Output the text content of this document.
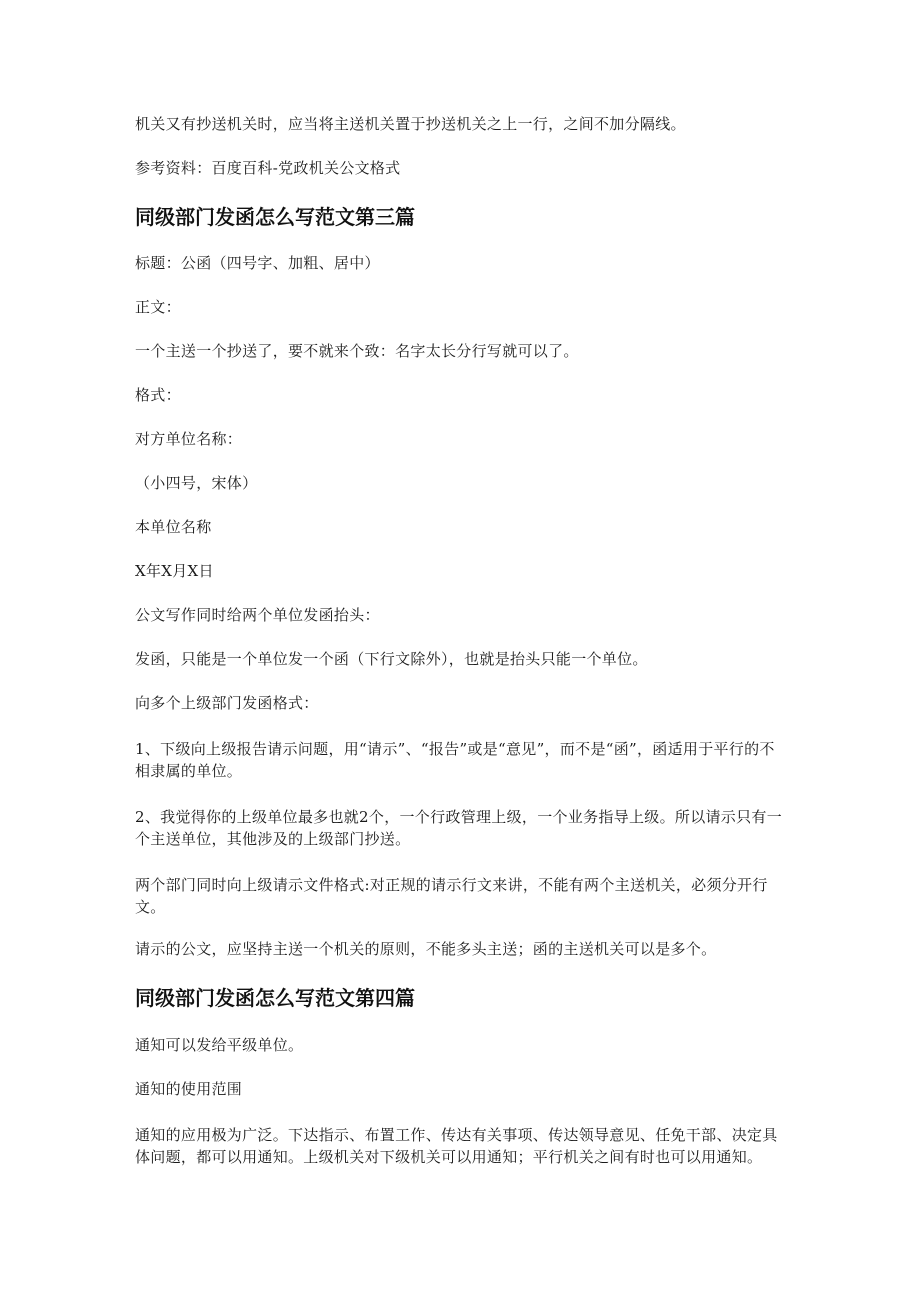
机关又有抄送机关时，应当将主送机关置于抄送机关之上一行，之间不加分隔线。

参考资料：百度百科-党政机关公文格式

同级部门发函怎么写范文第三篇

标题：公函（四号字、加粗、居中）

正文：

一个主送一个抄送了，要不就来个致：名字太长分行写就可以了。

格式：

对方单位名称：

（小四号，宋体）

本单位名称

X年X月X日

公文写作同时给两个单位发函抬头：

发函，只能是一个单位发一个函（下行文除外），也就是抬头只能一个单位。

向多个上级部门发函格式：

1、下级向上级报告请示问题，用“请示”、“报告”或是“意见”，而不是“函”，函适用于平行的不相隶属的单位。

2、我觉得你的上级单位最多也就2个，一个行政管理上级，一个业务指导上级。所以请示只有一个主送单位，其他涉及的上级部门抄送。

两个部门同时向上级请示文件格式:对正规的请示行文来讲，不能有两个主送机关，必须分开行文。

请示的公文，应坚持主送一个机关的原则，不能多头主送；函的主送机关可以是多个。

同级部门发函怎么写范文第四篇

通知可以发给平级单位。

通知的使用范围

通知的应用极为广泛。下达指示、布置工作、传达有关事项、传达领导意见、任免干部、决定具体问题，都可以用通知。上级机关对下级机关可以用通知；平行机关之间有时也可以用通知。
